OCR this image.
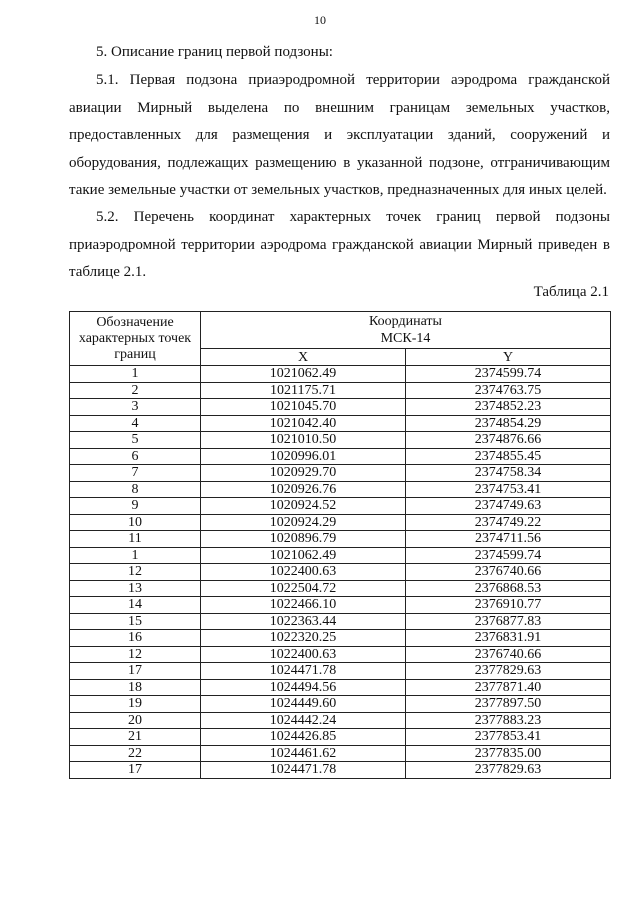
10
5. Описание границ первой подзоны:

5.1. Первая подзона приаэродромной территории аэродрома гражданской авиации Мирный выделена по внешним границам земельных участков, предоставленных для размещения и эксплуатации зданий, сооружений и оборудования, подлежащих размещению в указанной подзоне, отграничивающим такие земельные участки от земельных участков, предназначенных для иных целей.

5.2. Перечень координат характерных точек границ первой подзоны приаэродромной территории аэродрома гражданской авиации Мирный приведен в таблице 2.1.

Таблица 2.1
Обозначение характерных точек границ	Координаты
МСК-14	
	X	Y
1	1021062.49	2374599.74
2	1021175.71	2374763.75
3	1021045.70	2374852.23
4	1021042.40	2374854.29
5	1021010.50	2374876.66
6	1020996.01	2374855.45
7	1020929.70	2374758.34
8	1020926.76	2374753.41
9	1020924.52	2374749.63
10	1020924.29	2374749.22
11	1020896.79	2374711.56
1	1021062.49	2374599.74
12	1022400.63	2376740.66
13	1022504.72	2376868.53
14	1022466.10	2376910.77
15	1022363.44	2376877.83
16	1022320.25	2376831.91
12	1022400.63	2376740.66
17	1024471.78	2377829.63
18	1024494.56	2377871.40
19	1024449.60	2377897.50
20	1024442.24	2377883.23
21	1024426.85	2377853.41
22	1024461.62	2377835.00
17	1024471.78	2377829.63
